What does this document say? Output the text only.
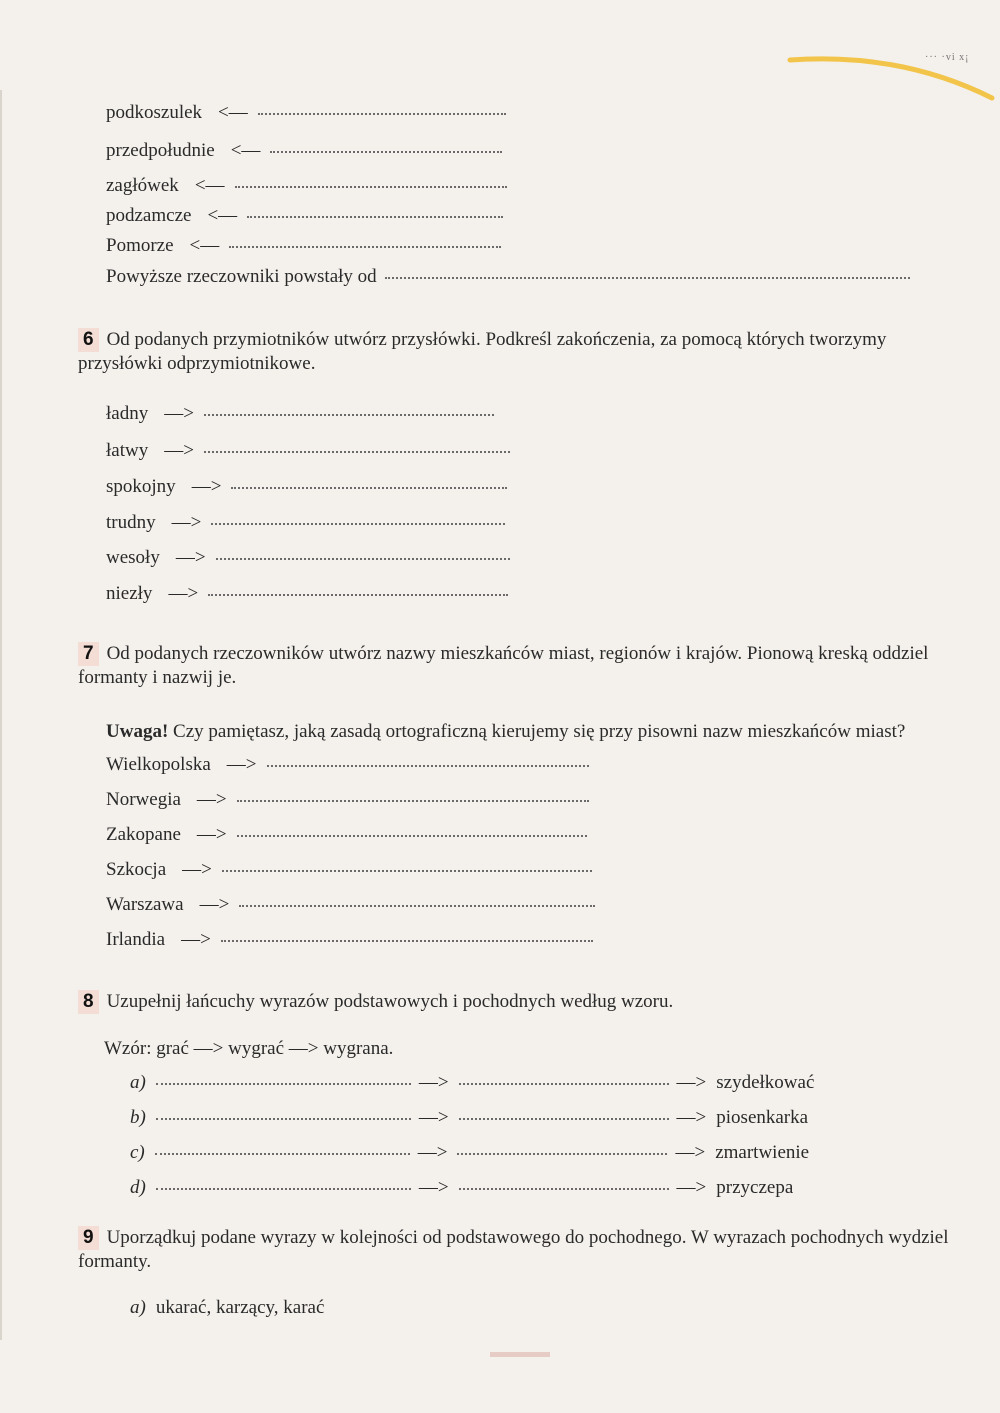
··· ·vi x¡
podkoszulek <—
przedpołudnie <—
zagłówek <—
podzamcze <—
Pomorze <—
Powyższe rzeczowniki powstały od
6 Od podanych przymiotników utwórz przysłówki. Podkreśl zakończenia, za pomocą których tworzymy przysłówki odprzymiotnikowe.
ładny —>
łatwy —>
spokojny —>
trudny —>
wesoły —>
niezły —>
7 Od podanych rzeczowników utwórz nazwy mieszkańców miast, regionów i krajów. Pionową kreską oddziel formanty i nazwij je.
Uwaga! Czy pamiętasz, jaką zasadą ortograficzną kierujemy się przy pisowni nazw mieszkańców miast?
Wielkopolska —>
Norwegia —>
Zakopane —>
Szkocja —>
Warszawa —>
Irlandia —>
8 Uzupełnij łańcuchy wyrazów podstawowych i pochodnych według wzoru.
Wzór: grać —> wygrać —> wygrana.
a)	—>	—> szydełkować
b)	—>	—> piosenkarka
c)	—>	—> zmartwienie
d)	—>	—> przyczepa
9 Uporządkuj podane wyrazy w kolejności od podstawowego do pochodnego. W wyrazach pochodnych wydziel formanty.
a) ukarać, karzący, karać
